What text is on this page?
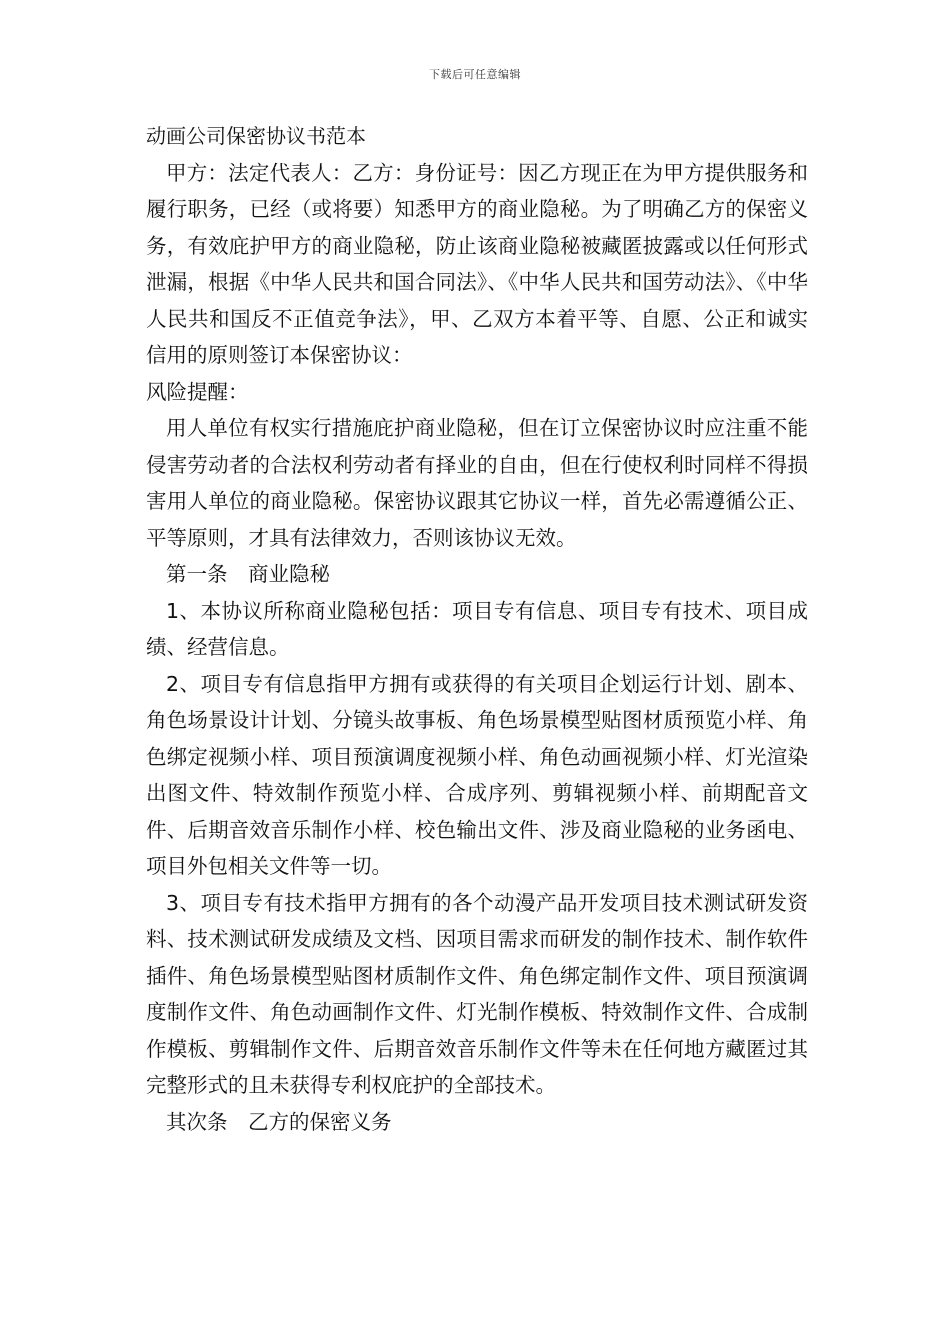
下载后可任意编辑

动画公司保密协议书范本

甲方：法定代表人：乙方：身份证号：因乙方现正在为甲方提供服务和履行职务，已经（或将要）知悉甲方的商业隐秘。为了明确乙方的保密义务，有效庇护甲方的商业隐秘，防止该商业隐秘被藏匿披露或以任何形式泄漏，根据《中华人民共和国合同法》、《中华人民共和国劳动法》、《中华人民共和国反不正值竞争法》，甲、乙双方本着平等、自愿、公正和诚实信用的原则签订本保密协议：

风险提醒：

用人单位有权实行措施庇护商业隐秘，但在订立保密协议时应注重不能侵害劳动者的合法权利劳动者有择业的自由，但在行使权利时同样不得损害用人单位的商业隐秘。保密协议跟其它协议一样，首先必需遵循公正、平等原则，才具有法律效力，否则该协议无效。

第一条　商业隐秘

1、本协议所称商业隐秘包括：项目专有信息、项目专有技术、项目成绩、经营信息。

2、项目专有信息指甲方拥有或获得的有关项目企划运行计划、剧本、角色场景设计计划、分镜头故事板、角色场景模型贴图材质预览小样、角色绑定视频小样、项目预演调度视频小样、角色动画视频小样、灯光渲染出图文件、特效制作预览小样、合成序列、剪辑视频小样、前期配音文件、后期音效音乐制作小样、校色输出文件、涉及商业隐秘的业务函电、项目外包相关文件等一切。

3、项目专有技术指甲方拥有的各个动漫产品开发项目技术测试研发资料、技术测试研发成绩及文档、因项目需求而研发的制作技术、制作软件插件、角色场景模型贴图材质制作文件、角色绑定制作文件、项目预演调度制作文件、角色动画制作文件、灯光制作模板、特效制作文件、合成制作模板、剪辑制作文件、后期音效音乐制作文件等未在任何地方藏匿过其完整形式的且未获得专利权庇护的全部技术。

其次条　乙方的保密义务
